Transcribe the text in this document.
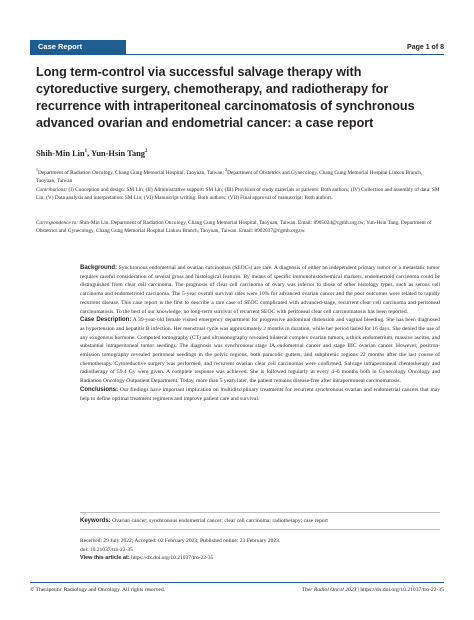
Case Report	Page 1 of 8
Long term-control via successful salvage therapy with cytoreductive surgery, chemotherapy, and radiotherapy for recurrence with intraperitoneal carcinomatosis of synchronous advanced ovarian and endometrial cancer: a case report
Shih-Min Lin$^1$, Yun-Hsin Tang$^2$
$^1$Department of Radiation Oncology, Chang Gung Memorial Hospital, Taoyuan, Taiwan; $^2$Department of Obstetrics and Gynecology, Chang Gung Memorial Hospital Linkou Branch, Taoyuan, Taiwan
Contributions: (I) Conception and design: SM Lin; (II) Administrative support: SM Lin; (III) Provision of study materials or patients: Both authors; (IV) Collection and assembly of data: SM Lin; (V) Data analysis and interpretation: SM Lin; (VI) Manuscript writing: Both authors; (VII) Final approval of manuscript: Both authors.
Correspondence to: Shih-Min Lin. Department of Radiation Oncology, Chang Gung Memorial Hospital, Taoyuan, Taiwan. Email: 8905024@cgmh.org.tw; Yun-Hsin Tang. Department of Obstetrics and Gynecology, Chang Gung Memorial Hospital Linkou Branch, Taoyuan, Taiwan. Email: 8902037@cgmh.org.tw.

Background: Synchronous endometrial and ovarian carcinomas (SEOCs) are rare. A diagnosis of either an independent primary tumor or a metastatic tumor requires careful consideration of several gross and histological features. By means of specific immunohistochemical markers, endometrioid carcinoma could be distinguished from clear cell carcinoma. The prognosis of clear cell carcinoma of ovary was inferior to those of other histology types, such as serous cell carcinoma and endometrioid carcinoma. The 5-year overall survival rates were 10% for advanced ovarian cancer and the poor outcomes were related to rapidly recurrent disease. This case report is the first to describe a rare case of SEOC complicated with advanced-stage, recurrent clear cell carcinoma and peritoneal carcinomatosis. To the best of our knowledge, no long-term survivor of recurrent SEOC with peritoneal clear cell carcinomatosis has been reported.

Case Description: A 39-year-old female visited emergency department for progressive abdominal distension and vaginal bleeding. She has been diagnosed as hypertension and hepatitis B infection. Her menstrual cycle was approximately 2 months in duration, while her period lasted for 16 days. She denied the use of any exogenous hormone. Computed tomography (CT) and ultrasonography revealed bilateral complex ovarian tumors, a thick endometrium, massive ascites, and substantial intraperitoneal tumor seedings. The diagnosis was synchronous stage IA endometrial cancer and stage IIIC ovarian cancer. However, positron-emission tomography revealed peritoneal seedings in the pelvic regions, both paracolic gutters, and subphrenic regions 22 months after the last course of chemotherapy. Cytoreductive surgery was performed, and recurrent ovarian clear cell carcinomas were confirmed. Salvage intraperitoneal chemotherapy and radiotherapy of 59.4 Gy were given. A complete response was achieved. She is followed regularly in every 4–6 months both in Gynecology Oncology and Radiation Oncology Outpatient Department. Today, more than 5 years later, the patient remains disease-free after intraperitoneal carcinomatosis.

Conclusions: Our findings have important implication on multidisciplinary treatments for recurrent synchronous ovarian and endometrial cancers that may help to define optimal treatment regimens and improve patient care and survival.

Keywords: Ovarian cancer; synchronous endometrial cancer; clear cell carcinoma; radiotherapy; case report

Received: 29 July 2022; Accepted: 02 February 2023; Published online: 23 February 2023.

doi: 10.21037/tro-22-35

View this article at: https://dx.doi.org/10.21037/tro-22-35

© Therapeutic Radiology and Oncology. All rights reserved.	Ther Radiol Oncol 2023 | https://dx.doi.org/10.21037/tro-22-35
